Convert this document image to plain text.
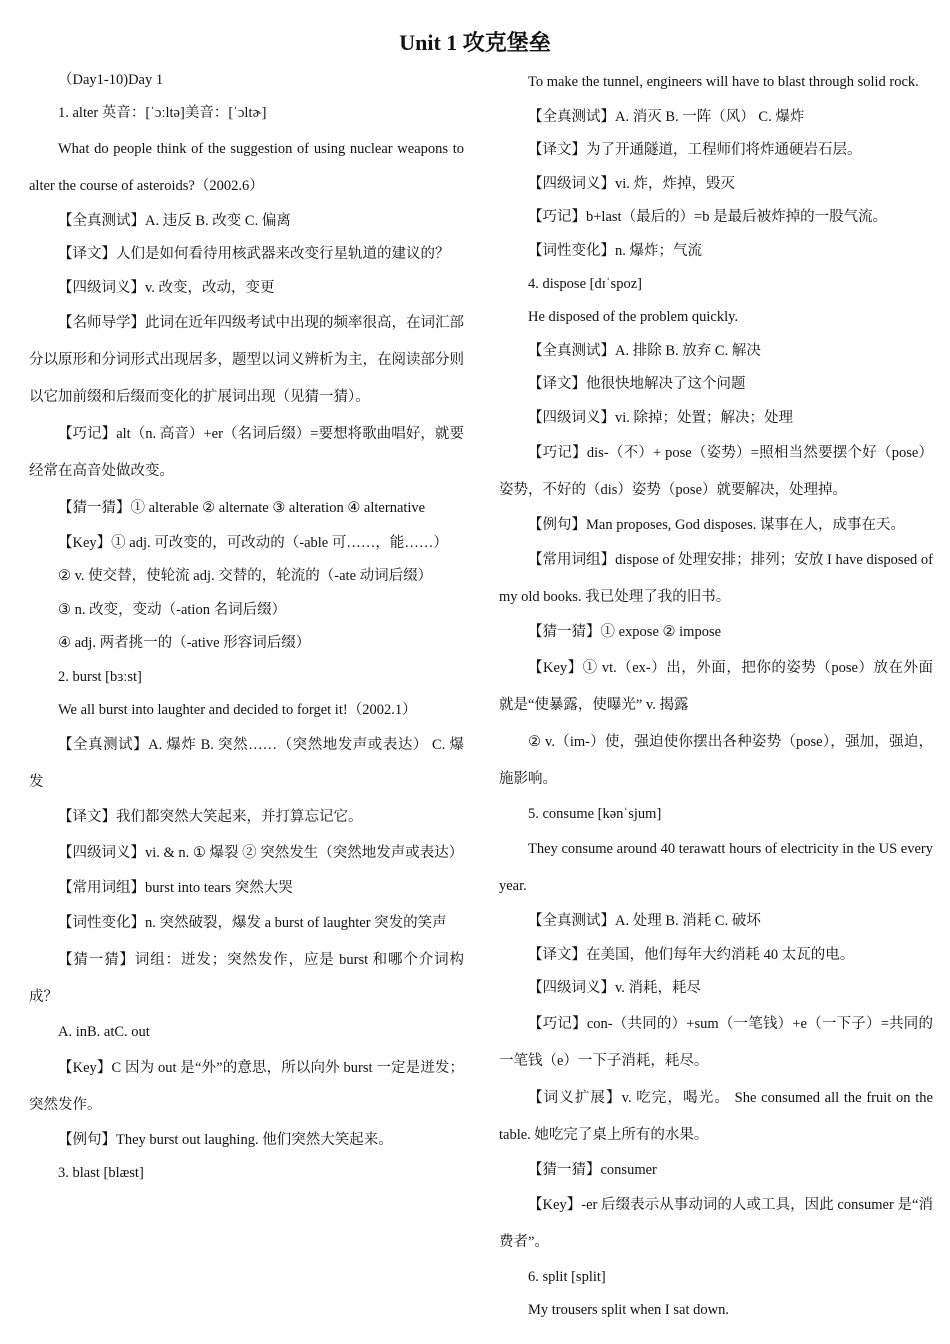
Unit 1 攻克堡垒

（Day1-10)Day 1

1. alter 英音：[ˈɔːltə]美音：[ˈɔltɚ]

What do people think of the suggestion of using nuclear weapons to alter the course of asteroids?（2002.6）

【全真测试】A. 违反 B. 改变 C. 偏离

【译文】人们是如何看待用核武器来改变行星轨道的建议的？

【四级词义】v. 改变，改动，变更

【名师导学】此词在近年四级考试中出现的频率很高，在词汇部分以原形和分词形式出现居多，题型以词义辨析为主，在阅读部分则以它加前缀和后缀而变化的扩展词出现（见猜一猜）。

【巧记】alt（n. 高音）+er（名词后缀）=要想将歌曲唱好，就要经常在高音处做改变。

【猜一猜】① alterable ② alternate ③ alteration ④ alternative

【Key】① adj. 可改变的，可改动的（-able 可……，能……）

② v. 使交替，使轮流 adj. 交替的，轮流的（-ate 动词后缀）

③ n. 改变，变动（-ation 名词后缀）

④ adj. 两者挑一的（-ative 形容词后缀）

2. burst [bɜːst]

We all burst into laughter and decided to forget it!（2002.1）

【全真测试】A. 爆炸 B. 突然……（突然地发声或表达） C. 爆发

【译文】我们都突然大笑起来，并打算忘记它。

【四级词义】vi. & n. ① 爆裂 ② 突然发生（突然地发声或表达）

【常用词组】burst into tears 突然大哭

【词性变化】n. 突然破裂，爆发 a burst of laughter 突发的笑声

【猜一猜】词组：迸发；突然发作，应是 burst 和哪个介词构成？

A. inB. atC. out

【Key】C 因为 out 是“外”的意思，所以向外 burst 一定是迸发；突然发作。

【例句】They burst out laughing. 他们突然大笑起来。

3. blast [blæst]

To make the tunnel, engineers will have to blast through solid rock.

【全真测试】A. 消灭 B. 一阵（风） C. 爆炸

【译文】为了开通隧道，工程师们将炸通硬岩石层。

【四级词义】vi. 炸，炸掉，毁灭

【巧记】b+last（最后的）=b 是最后被炸掉的一股气流。

【词性变化】n. 爆炸；气流

4. dispose [dɪˈspoz]

He disposed of the problem quickly.

【全真测试】A. 排除 B. 放弃 C. 解决

【译文】他很快地解决了这个问题

【四级词义】vi. 除掉；处置；解决；处理

【巧记】dis-（不）+ pose（姿势）=照相当然要摆个好（pose）姿势，不好的（dis）姿势（pose）就要解决，处理掉。

【例句】Man proposes, God disposes. 谋事在人，成事在天。

【常用词组】dispose of 处理安排；排列；安放 I have disposed of my old books. 我已处理了我的旧书。

【猜一猜】① expose ② impose

【Key】① vt.（ex-）出，外面，把你的姿势（pose）放在外面就是“使暴露，使曝光” v. 揭露

② v.（im-）使，强迫使你摆出各种姿势（pose），强加，强迫，施影响。

5. consume [kənˈsjum]

They consume around 40 terawatt hours of electricity in the US every year.

【全真测试】A. 处理 B. 消耗 C. 破坏

【译文】在美国，他们每年大约消耗 40 太瓦的电。

【四级词义】v. 消耗，耗尽

【巧记】con-（共同的）+sum（一笔钱）+e（一下子）=共同的一笔钱（e）一下子消耗，耗尽。

【词义扩展】v. 吃完，喝光。 She consumed all the fruit on the table. 她吃完了桌上所有的水果。

【猜一猜】consumer

【Key】-er 后缀表示从事动词的人或工具，因此 consumer 是“消费者”。

6. split [split]

My trousers split when I sat down.
